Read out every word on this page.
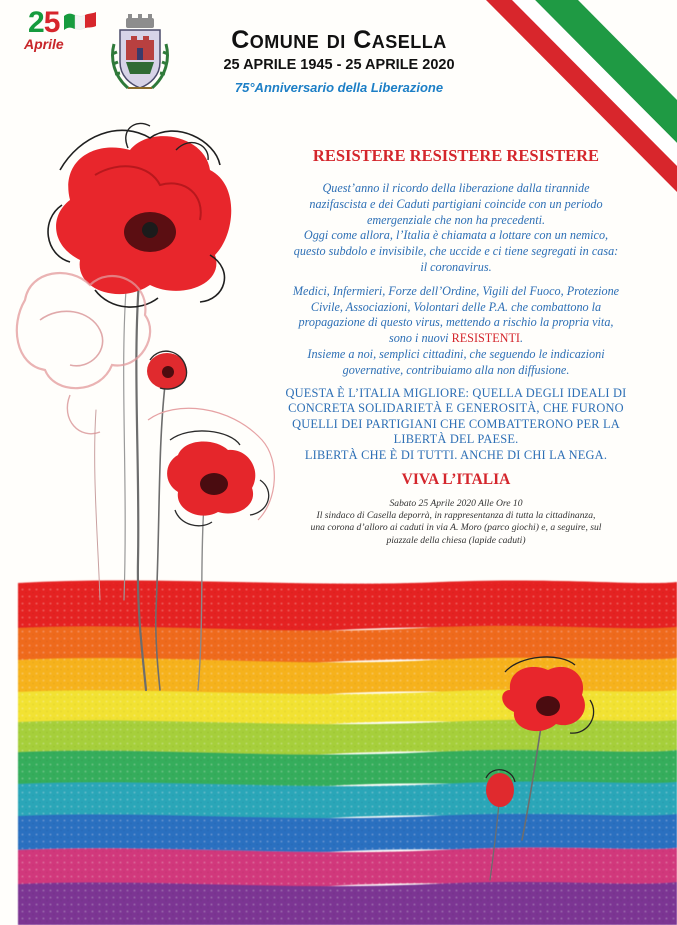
25
Aprile	Comune di Casella
25 APRILE 1945 - 25 APRILE 2020
75°Anniversario della Liberazione
RESISTERE RESISTERE RESISTERE
Quest’anno il ricordo della liberazione dalla tirannide
nazifascista e dei Caduti partigiani coincide con un periodo
emergenziale che non ha precedenti.
Oggi come allora, l’Italia è chiamata a lottare con un nemico,
questo subdolo e invisibile, che uccide e ci tiene segregati in casa:
il coronavirus.
Medici, Infermieri, Forze dell’Ordine, Vigili del Fuoco, Protezione
Civile, Associazioni, Volontari delle P.A. che combattono la
propagazione di questo virus, mettendo a rischio la propria vita,
sono i nuovi RESISTENTI.
Insieme a noi, semplici cittadini, che seguendo le indicazioni
governative, contribuiamo alla non diffusione.
QUESTA È L’ITALIA MIGLIORE: QUELLA DEGLI IDEALI DI
CONCRETA SOLIDARIETÀ E GENEROSITÀ, CHE FURONO
QUELLI DEI PARTIGIANI CHE COMBATTERONO PER LA
LIBERTÀ DEL PAESE.
LIBERTÀ CHE È DI TUTTI. ANCHE DI CHI LA NEGA.
VIVA L’ITALIA
Sabato 25 Aprile 2020 Alle Ore 10
Il sindaco di Casella deporrà, in rappresentanza di tutta la cittadinanza,
una corona d’alloro ai caduti in via A. Moro (parco giochi) e, a seguire, sul
piazzale della chiesa (lapide caduti)
